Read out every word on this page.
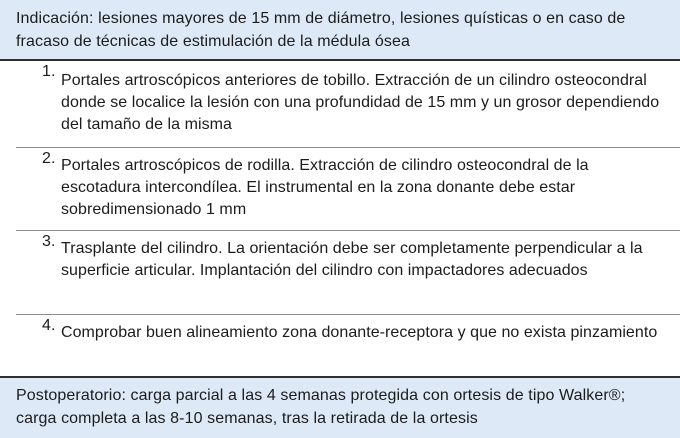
Indicación: lesiones mayores de 15 mm de diámetro, lesiones quísticas o en caso de fracaso de técnicas de estimulación de la médula ósea
1.
Portales artroscópicos anteriores de tobillo. Extracción de un cilindro osteocondral donde se localice la lesión con una profundidad de 15 mm y un grosor dependiendo del tamaño de la misma
2. Portales artroscópicos de rodilla. Extracción de cilindro osteocondral de la escotadura intercondílea. El instrumental en la zona donante debe estar sobredimensionado 1 mm
3. Trasplante del cilindro. La orientación debe ser completamente perpendicular a la superficie articular. Implantación del cilindro con impactadores adecuados
4. Comprobar buen alineamiento zona donante-receptora y que no exista pinzamiento
Postoperatorio: carga parcial a las 4 semanas protegida con ortesis de tipo Walker®; carga completa a las 8-10 semanas, tras la retirada de la ortesis
